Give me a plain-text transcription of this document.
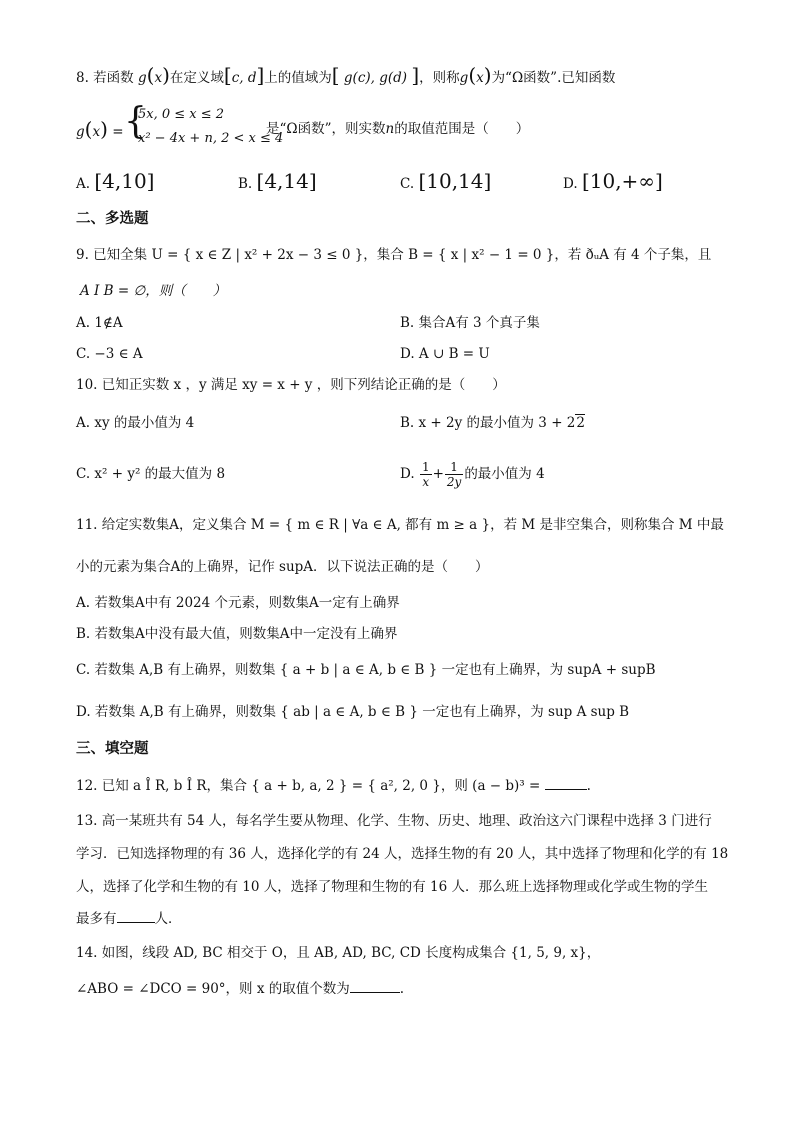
8. 若函数 g(x)在定义域[c, d]上的值域为[ g(c), g(d) ]，则称g(x)为“Ω函数”.已知函数
g(x) = {
5x, 0 ≤ x ≤ 2
x² − 4x + n, 2 < x ≤ 4
是“Ω函数”，则实数n的取值范围是（　　）
A. [4,10]	B. [4,14]	C. [10,14]	D. [10,+∞]
二、多选题
9. 已知全集 U = { x ∈ Z | x² + 2x − 3 ≤ 0 }，集合 B = { x | x² − 1 = 0 }，若 ðᵤA 有 4 个子集，且
A I B = ∅，则（　　）
A. 1∉A	B. 集合A有 3 个真子集
C. −3 ∈ A	D. A ∪ B = U
10. 已知正实数 x ，y 满足 xy = x + y ，则下列结论正确的是（　　）
A. xy 的最小值为 4	B. x + 2y 的最小值为 3 + 22
C. x² + y² 的最大值为 8	D. $\frac{1}{x} + \frac{1}{2y}$ 的最小值为 4
11. 给定实数集A，定义集合 M = { m ∈ R | ∀a ∈ A, 都有 m ≥ a }，若 M 是非空集合，则称集合 M 中最
小的元素为集合A的上确界，记作 supA．以下说法正确的是（　　）
A. 若数集A中有 2024 个元素，则数集A一定有上确界
B. 若数集A中没有最大值，则数集A中一定没有上确界
C. 若数集 A,B 有上确界，则数集 { a + b | a ∈ A, b ∈ B } 一定也有上确界，为 supA + supB
D. 若数集 A,B 有上确界，则数集 { ab | a ∈ A, b ∈ B } 一定也有上确界，为 sup A sup B
三、填空题
12. 已知 a Î R, b Î R，集合 { a + b, a, 2 } = { a², 2, 0 }，则 (a − b)³ =	.
13. 高一某班共有 54 人，每名学生要从物理、化学、生物、历史、地理、政治这六门课程中选择 3 门进行
学习．已知选择物理的有 36 人，选择化学的有 24 人，选择生物的有 20 人，其中选择了物理和化学的有 18
人，选择了化学和生物的有 10 人，选择了物理和生物的有 16 人．那么班上选择物理或化学或生物的学生
最多有	人．
14. 如图，线段 AD, BC 相交于 O，且 AB, AD, BC, CD 长度构成集合 {1, 5, 9, x}，
∠ABO = ∠DCO = 90°，则 x 的取值个数为	.
